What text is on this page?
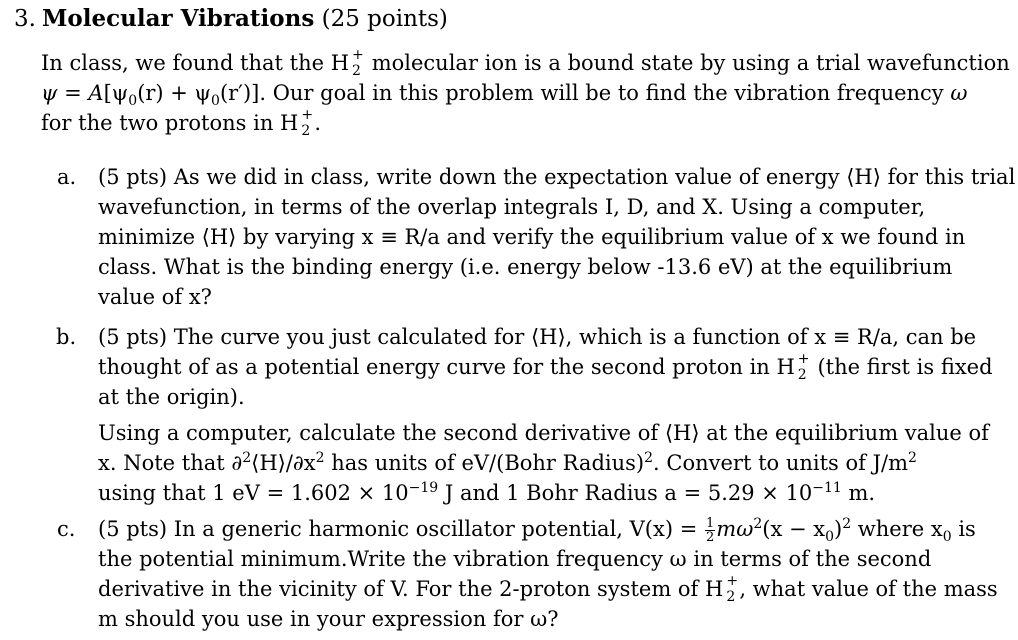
3. Molecular Vibrations (25 points)
In class, we found that the H +
2 molecular ion is a bound state by using a trial wavefunction
$\psi = A[\psi_0(r) + \psi_0(r')]$. Our goal in this problem will be to find the vibration frequency ω
for the two protons in H +
2 .
a. (5 pts) As we did in class, write down the expectation value of energy ⟨H⟩ for this trial
wavefunction, in terms of the overlap integrals I, D, and X. Using a computer,
minimize ⟨H⟩ by varying x ≡ R/a and verify the equilibrium value of x we found in
class. What is the binding energy (i.e. energy below -13.6 eV) at the equilibrium
value of x?
b. (5 pts) The curve you just calculated for ⟨H⟩, which is a function of x ≡ R/a, can be
thought of as a potential energy curve for the second proton in H +
2 (the first is fixed
at the origin).
Using a computer, calculate the second derivative of ⟨H⟩ at the equilibrium value of
x. Note that $\partial^2⟨H⟩/\partial x^2$ has units of eV/(Bohr Radius)$^2$. Convert to units of $J/m^2$
using that 1 eV = $1.602 \times 10^{-19}$ J and 1 Bohr Radius $a = 5.29 \times 10^{-11}$ m.
c. (5 pts) In a generic harmonic oscillator potential, $V(x) = \frac{1}{2} m\omega^2(x - x_0)^2$ where $x_0$ is
the potential minimum.Write the vibration frequency ω in terms of the second
derivative in the vicinity of V. For the 2-proton system of H +
2 , what value of the mass
m should you use in your expression for ω?
